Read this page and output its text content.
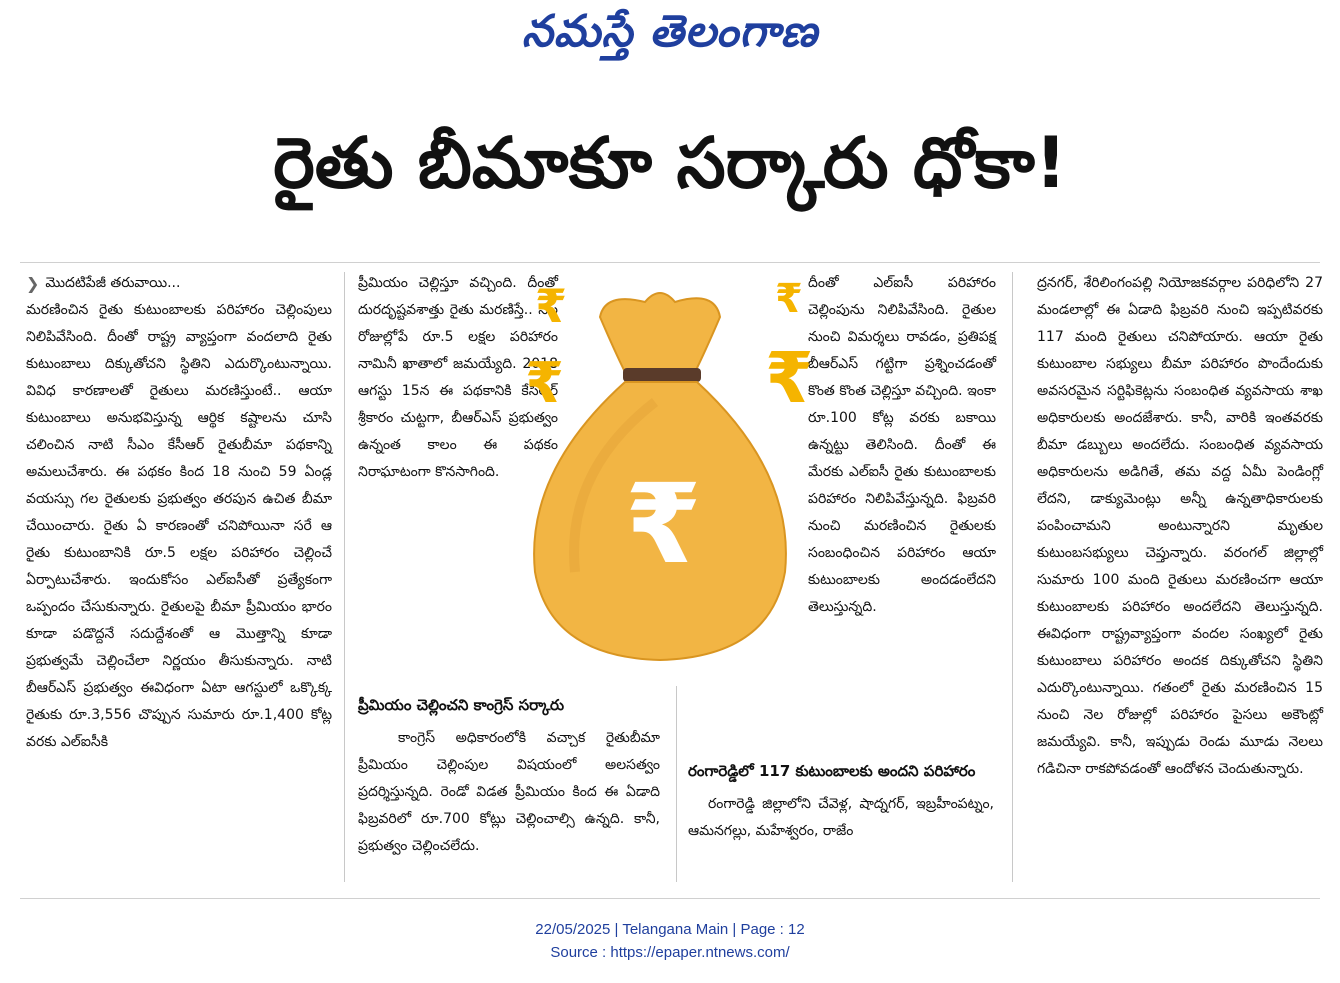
నమస్తే తెలంగాణ
రైతు బీమాకూ సర్కారు ధోకా!
❯ మొదటిపేజీ తరువాయి...

మరణించిన రైతు కుటుంబాలకు పరిహారం చెల్లింపులు నిలిపివేసింది. దీంతో రాష్ట్ర వ్యాప్తంగా వందలాది రైతు కుటుంబాలు దిక్కుతోచని స్థితిని ఎదుర్కొంటున్నాయి. వివిధ కారణాలతో రైతులు మరణిస్తుంటే.. ఆయా కుటుంబాలు అనుభవిస్తున్న ఆర్థిక కష్టాలను చూసి చలించిన నాటి సీఎం కేసీఆర్ రైతుబీమా పథకాన్ని అమలుచేశారు. ఈ పథకం కింద 18 నుంచి 59 ఏండ్ల వయస్సు గల రైతులకు ప్రభుత్వం తరపున ఉచిత బీమా చేయించారు. రైతు ఏ కారణంతో చనిపోయినా సరే ఆ రైతు కుటుంబానికి రూ.5 లక్షల పరిహారం చెల్లించే ఏర్పాటుచేశారు. ఇందుకోసం ఎల్ఐసీతో ప్రత్యేకంగా ఒప్పందం చేసుకున్నారు. రైతులపై బీమా ప్రీమియం భారం కూడా పడొద్దనే సదుద్దేశంతో ఆ మొత్తాన్ని కూడా ప్రభుత్వమే చెల్లించేలా నిర్ణయం తీసుకున్నారు. నాటి బీఆర్ఎస్ ప్రభుత్వం ఈవిధంగా ఏటా ఆగస్టులో ఒక్కొక్క రైతుకు రూ.3,556 చొప్పున సుమారు రూ.1,400 కోట్ల వరకు ఎల్ఐసీకి

ప్రీమియం చెల్లిస్తూ వచ్చింది. దీంతో దురదృష్టవశాత్తు రైతు మరణిస్తే.. నెల రోజుల్లోపే రూ.5 లక్షల పరిహారం నామినీ ఖాతాలో జమయ్యేది. 2018 ఆగస్టు 15న ఈ పథకానికి కేసీఆర్ శ్రీకారం చుట్టగా, బీఆర్ఎస్ ప్రభుత్వం ఉన్నంత కాలం ఈ పథకం నిరాఘాటంగా కొనసాగింది.

₹
₹
₹
₹
₹

దీంతో ఎల్ఐసీ పరిహారం చెల్లింపును నిలిపివేసింది. రైతుల నుంచి విమర్శలు రావడం, ప్రతిపక్ష బీఆర్ఎస్ గట్టిగా ప్రశ్నించడంతో కొంత కొంత చెల్లిస్తూ వచ్చింది. ఇంకా రూ.100 కోట్ల వరకు బకాయి ఉన్నట్టు తెలిసింది. దీంతో ఈ మేరకు ఎల్ఐసీ రైతు కుటుంబాలకు పరిహారం నిలిపివేస్తున్నది. ఫిబ్రవరి నుంచి మరణించిన రైతులకు సంబంధించిన పరిహారం ఆయా కుటుంబాలకు అందడంలేదని తెలుస్తున్నది.

ప్రీమియం చెల్లించని కాంగ్రెస్ సర్కారు

కాంగ్రెస్ అధికారంలోకి వచ్చాక రైతుబీమా ప్రీమియం చెల్లింపుల విషయంలో అలసత్వం ప్రదర్శిస్తున్నది. రెండో విడత ప్రీమియం కింద ఈ ఏడాది ఫిబ్రవరిలో రూ.700 కోట్లు చెల్లించాల్సి ఉన్నది. కానీ, ప్రభుత్వం చెల్లించలేదు.

రంగారెడ్డిలో 117 కుటుంబాలకు అందని పరిహారం

రంగారెడ్డి జిల్లాలోని చేవెళ్ల, షాద్నగర్, ఇబ్రహీంపట్నం, ఆమనగల్లు, మహేశ్వరం, రాజేం

ద్రనగర్, శేరిలింగంపల్లి నియోజకవర్గాల పరిధిలోని 27 మండలాల్లో ఈ ఏడాది ఫిబ్రవరి నుంచి ఇప్పటివరకు 117 మంది రైతులు చనిపోయారు. ఆయా రైతు కుటుంబాల సభ్యులు బీమా పరిహారం పొందేందుకు అవసరమైన సర్టిఫికెట్లను సంబంధిత వ్యవసాయ శాఖ అధికారులకు అందజేశారు. కానీ, వారికి ఇంతవరకు బీమా డబ్బులు అందలేదు. సంబంధిత వ్యవసాయ అధికారులను అడిగితే, తమ వద్ద ఏమీ పెండింగ్లో లేదని, డాక్యుమెంట్లు అన్నీ ఉన్నతాధికారులకు పంపించామని అంటున్నారని మృతుల కుటుంబసభ్యులు చెప్తున్నారు. వరంగల్ జిల్లాల్లో సుమారు 100 మంది రైతులు మరణించగా ఆయా కుటుంబాలకు పరిహారం అందలేదని తెలుస్తున్నది. ఈవిధంగా రాష్ట్రవ్యాప్తంగా వందల సంఖ్యలో రైతు కుటుంబాలు పరిహారం అందక దిక్కుతోచని స్థితిని ఎదుర్కొంటున్నాయి. గతంలో రైతు మరణించిన 15 నుంచి నెల రోజుల్లో పరిహారం పైసలు అకౌంట్లో జమయ్యేవి. కానీ, ఇప్పుడు రెండు మూడు నెలలు గడిచినా రాకపోవడంతో ఆందోళన చెందుతున్నారు.

22/05/2025 | Telangana Main | Page : 12
Source : https://epaper.ntnews.com/
